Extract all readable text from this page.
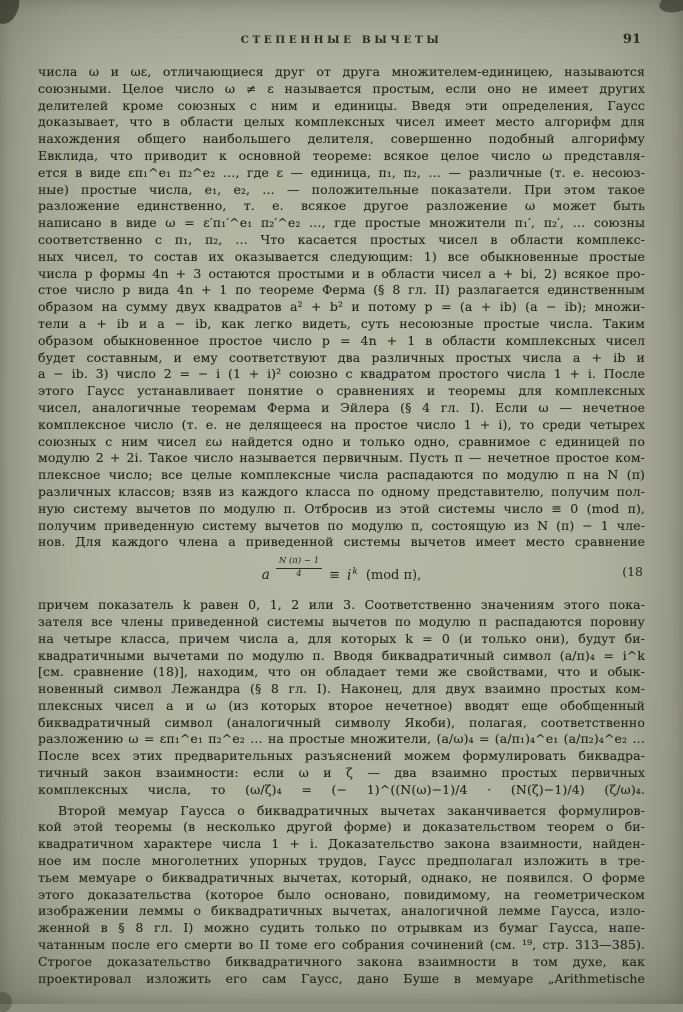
СТЕПЕННЫЕ ВЫЧЕТЫ	91
числа ω и ωε, отличающиеся друг от друга множителем-единицею, называются
союзными. Целое число ω ≠ ε называется простым, если оно не имеет других
делителей кроме союзных с ним и единицы. Введя эти определения, Гаусс
доказывает, что в области целых комплексных чисел имеет место алгорифм для
нахождения общего наибольшего делителя, совершенно подобный алгорифму
Евклида, что приводит к основной теореме: всякое целое число ω представля-
ется в виде επ₁^e₁ π₂^e₂ …, где ε — единица, π₁, π₂, … — различные (т. е. несоюз-
ные) простые числа, e₁, e₂, … — положительные показатели. При этом такое
разложение единственно, т. е. всякое другое разложение ω может быть
написано в виде ω = ε′π₁′^e₁ π₂′^e₂ …, где простые множители π₁′, π₂′, … союзны
соответственно с π₁, π₂, … Что касается простых чисел в области комплекс-
ных чисел, то состав их оказывается следующим: 1) все обыкновенные простые
числа p формы 4n + 3 остаются простыми и в области чисел a + bi, 2) всякое про-
стое число p вида 4n + 1 по теореме Ферма (§ 8 гл. II) разлагается единственным
образом на сумму двух квадратов a² + b² и потому p = (a + ib) (a − ib); множи-
тели a + ib и a − ib, как легко видеть, суть несоюзные простые числа. Таким
образом обыкновенное простое число p = 4n + 1 в области комплексных чисел
будет составным, и ему соответствуют два различных простых числа a + ib и
a − ib. 3) число 2 = − i (1 + i)² союзно с квадратом простого числа 1 + i. После
этого Гаусс устанавливает понятие о сравнениях и теоремы для комплексных
чисел, аналогичные теоремам Ферма и Эйлера (§ 4 гл. I). Если ω — нечетное
комплексное число (т. е. не делящееся на простое число 1 + i), то среди четырех
союзных с ним чисел εω найдется одно и только одно, сравнимое с единицей по
модулю 2 + 2i. Такое число называется первичным. Пусть π — нечетное простое ком-
плексное число; все целые комплексные числа распадаются по модулю π на N (π)
различных классов; взяв из каждого класса по одному представителю, получим пол-
ную систему вычетов по модулю π. Отбросив из этой системы число ≡ 0 (mod π),
получим приведенную систему вычетов по модулю π, состоящую из N (π) − 1 чле-
нов. Для каждого члена a приведенной системы вычетов имеет место сравнение
a $\frac{N (\pi) - 1}{4} \equiv i^k$ (mod π),	(18
причем показатель k равен 0, 1, 2 или 3. Соответственно значениям этого пока-
зателя все члены приведенной системы вычетов по модулю π распадаются поровну
на четыре класса, причем числа a, для которых k = 0 (и только они), будут би-
квадратичными вычетами по модулю π. Вводя биквадратичный символ (a/π)₄ = i^k
[см. сравнение (18)], находим, что он обладает теми же свойствами, что и обык-
новенный символ Лежандра (§ 8 гл. I). Наконец, для двух взаимно простых ком-
плексных чисел a и ω (из которых второе нечетное) вводят еще обобщенный
биквадратичный символ (аналогичный символу Якоби), полагая, соответственно
разложению ω = επ₁^e₁ π₂^e₂ … на простые множители, (a/ω)₄ = (a/π₁)₄^e₁ (a/π₂)₄^e₂ …
После всех этих предварительных разъяснений можем формулировать биквадра-
тичный закон взаимности: если ω и ζ — два взаимно простых первичных
комплексных числа, то (ω/ζ)₄ = (− 1)^((N(ω)−1)/4 · (N(ζ)−1)/4) (ζ/ω)₄.
Второй мемуар Гаусса о биквадратичных вычетах заканчивается формулиров-
кой этой теоремы (в несколько другой форме) и доказательством теорем о би-
квадратичном характере числа 1 + i. Доказательство закона взаимности, найден-
ное им после многолетних упорных трудов, Гаусс предполагал изложить в тре-
тьем мемуаре о биквадратичных вычетах, который, однако, не появился. О форме
этого доказательства (которое было основано, повидимому, на геометрическом
изображении леммы о биквадратичных вычетах, аналогичной лемме Гаусса, изло-
женной в § 8 гл. I) можно судить только по отрывкам из бумаг Гаусса, напе-
чатанным после его смерти во II томе его собрания сочинений (см. ¹⁹, стр. 313—385).
Строгое доказательство биквадратичного закона взаимности в том духе, как
проектировал изложить его сам Гаусс, дано Буше в мемуаре „Arithmetische
